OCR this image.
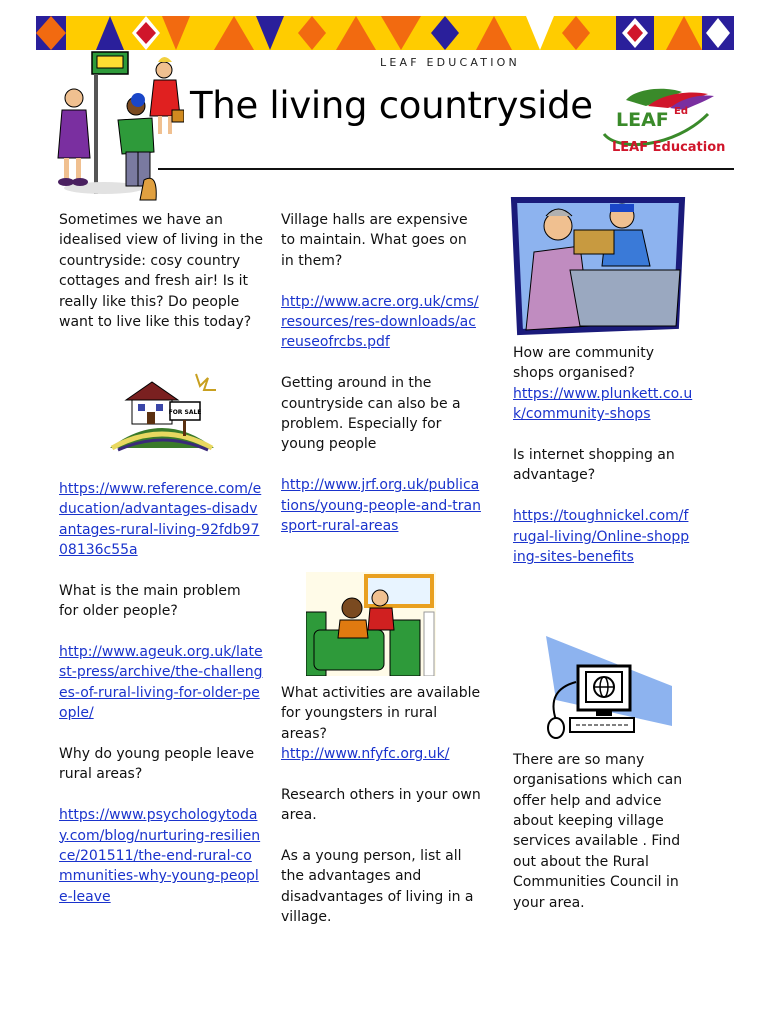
LEAF EDUCATION
The living countryside LEAF Ed
LEAF Education

Sometimes we have an idealised view of living in the countryside: cosy country cottages and fresh air! Is it really like this? Do people want to live like this today?

https://www.reference.com/education/advantages-disadvantages-rural-living-92fdb9708136c55a

What is the main problem for older people?

http://www.ageuk.org.uk/latest-press/archive/the-challenges-of-rural-living-for-older-people/

Why do young people leave rural areas?

https://www.psychologytoday.com/blog/nurturing-resilience/201511/the-end-rural-communities-why-young-people-leave

FOR SALE

Village halls are expensive to maintain. What goes on in them?

http://www.acre.org.uk/cms/resources/res-downloads/acreuseofrcbs.pdf

Getting around in the countryside can also be a problem. Especially for young people

http://www.jrf.org.uk/publications/young-people-and-transport-rural-areas

What activities are available for youngsters in rural areas?

http://www.nfyfc.org.uk/

Research others in your own area.

As a young person, list all the advantages and disadvantages of living in a village.

How are community shops organised?

https://www.plunkett.co.uk/community-shops

Is internet shopping an advantage?

https://toughnickel.com/frugal-living/Online-shopping-sites-benefits

There are so many organisations which can offer help and advice about keeping village services available . Find out about the Rural Communities Council in your area.
